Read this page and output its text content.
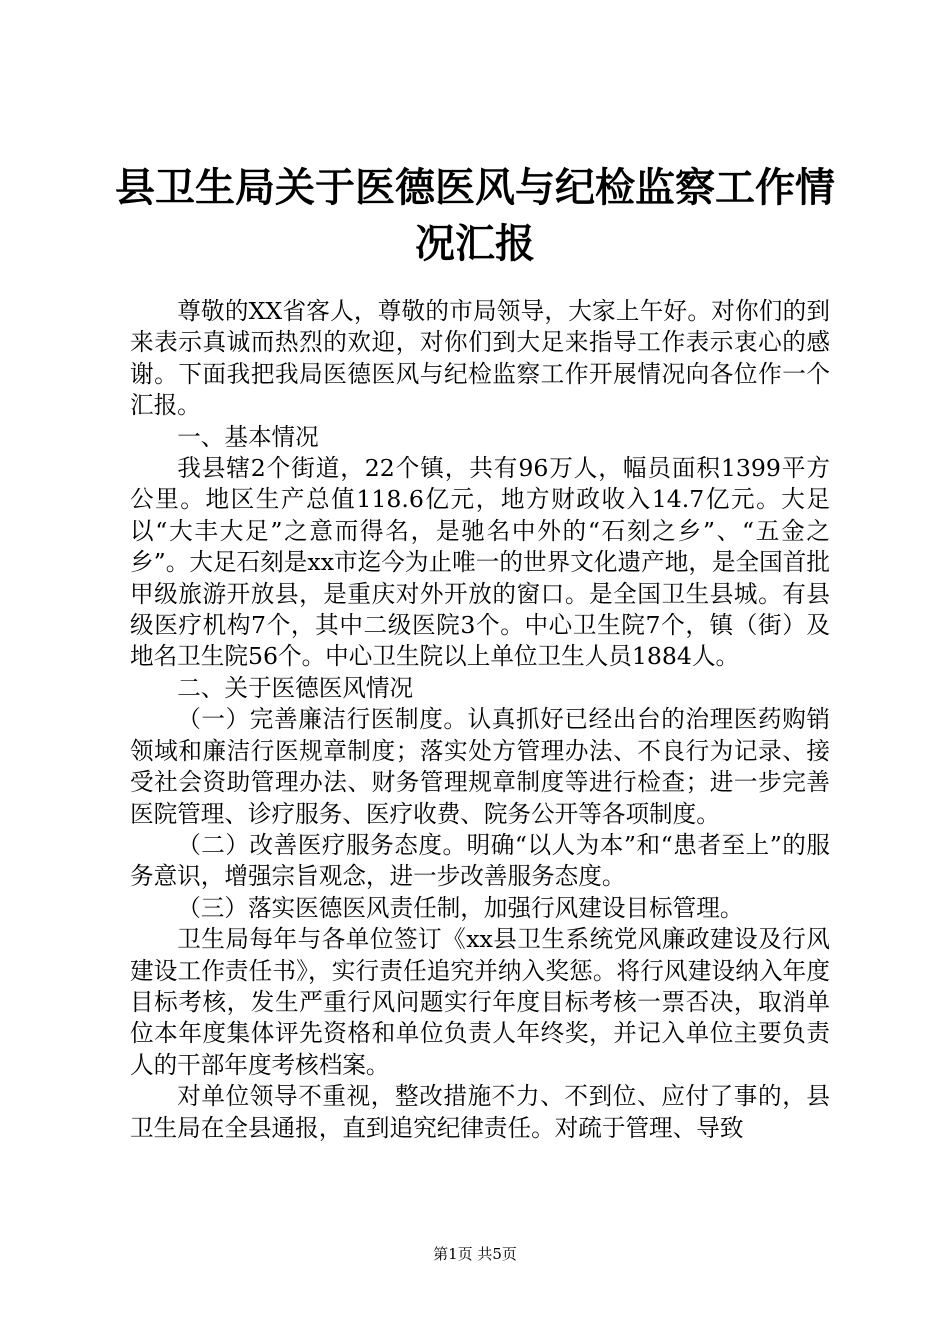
县卫生局关于医德医风与纪检监察工作情况汇报

尊敬的XX省客人，尊敬的市局领导，大家上午好。对你们的到来表示真诚而热烈的欢迎，对你们到大足来指导工作表示衷心的感谢。下面我把我局医德医风与纪检监察工作开展情况向各位作一个汇报。

一、基本情况

我县辖2个街道，22个镇，共有96万人，幅员面积1399平方公里。地区生产总值118.6亿元，地方财政收入14.7亿元。大足以“大丰大足”之意而得名，是驰名中外的“石刻之乡”、“五金之乡”。大足石刻是xx市迄今为止唯一的世界文化遗产地，是全国首批甲级旅游开放县，是重庆对外开放的窗口。是全国卫生县城。有县级医疗机构7个，其中二级医院3个。中心卫生院7个，镇（街）及地名卫生院56个。中心卫生院以上单位卫生人员1884人。

二、关于医德医风情况

（一）完善廉洁行医制度。认真抓好已经出台的治理医药购销领域和廉洁行医规章制度；落实处方管理办法、不良行为记录、接受社会资助管理办法、财务管理规章制度等进行检查；进一步完善医院管理、诊疗服务、医疗收费、院务公开等各项制度。

（二）改善医疗服务态度。明确“以人为本”和“患者至上”的服务意识，增强宗旨观念，进一步改善服务态度。

（三）落实医德医风责任制，加强行风建设目标管理。

卫生局每年与各单位签订《xx县卫生系统党风廉政建设及行风建设工作责任书》，实行责任追究并纳入奖惩。将行风建设纳入年度目标考核，发生严重行风问题实行年度目标考核一票否决，取消单位本年度集体评先资格和单位负责人年终奖，并记入单位主要负责人的干部年度考核档案。

对单位领导不重视，整改措施不力、不到位、应付了事的，县卫生局在全县通报，直到追究纪律责任。对疏于管理、导致

第1页 共5页
